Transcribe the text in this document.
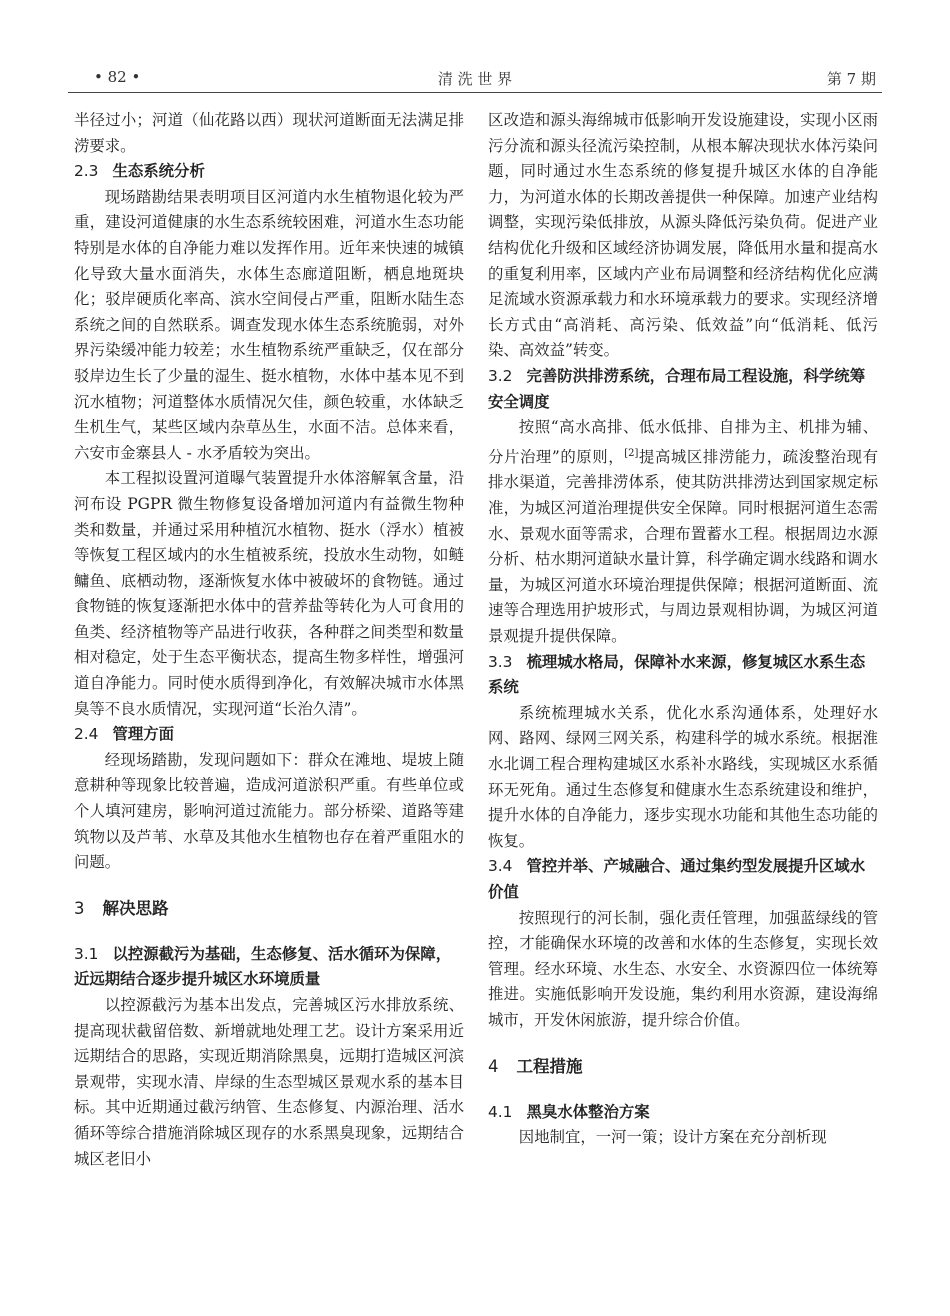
• 82 •	清 洗 世 界	第 7 期

半径过小；河道（仙花路以西）现状河道断面无法满足排涝要求。

2.3 生态系统分析

现场踏勘结果表明项目区河道内水生植物退化较为严重，建设河道健康的水生态系统较困难，河道水生态功能特别是水体的自净能力难以发挥作用。近年来快速的城镇化导致大量水面消失，水体生态廊道阻断，栖息地斑块化；驳岸硬质化率高、滨水空间侵占严重，阻断水陆生态系统之间的自然联系。调查发现水体生态系统脆弱，对外界污染缓冲能力较差；水生植物系统严重缺乏，仅在部分驳岸边生长了少量的湿生、挺水植物，水体中基本见不到沉水植物；河道整体水质情况欠佳，颜色较重，水体缺乏生机生气，某些区域内杂草丛生，水面不洁。总体来看，六安市金寨县人 - 水矛盾较为突出。

本工程拟设置河道曝气装置提升水体溶解氧含量，沿河布设 PGPR 微生物修复设备增加河道内有益微生物种类和数量，并通过采用种植沉水植物、挺水（浮水）植被等恢复工程区域内的水生植被系统，投放水生动物，如鲢鳙鱼、底栖动物，逐渐恢复水体中被破坏的食物链。通过食物链的恢复逐渐把水体中的营养盐等转化为人可食用的鱼类、经济植物等产品进行收获，各种群之间类型和数量相对稳定，处于生态平衡状态，提高生物多样性，增强河道自净能力。同时使水质得到净化，有效解决城市水体黑臭等不良水质情况，实现河道“长治久清”。

2.4 管理方面

经现场踏勘，发现问题如下：群众在滩地、堤坡上随意耕种等现象比较普遍，造成河道淤积严重。有些单位或个人填河建房，影响河道过流能力。部分桥梁、道路等建筑物以及芦苇、水草及其他水生植物也存在着严重阻水的问题。

3 解决思路

3.1 以控源截污为基础，生态修复、活水循环为保障，近远期结合逐步提升城区水环境质量

以控源截污为基本出发点，完善城区污水排放系统、提高现状截留倍数、新增就地处理工艺。设计方案采用近远期结合的思路，实现近期消除黑臭，远期打造城区河滨景观带，实现水清、岸绿的生态型城区景观水系的基本目标。其中近期通过截污纳管、生态修复、内源治理、活水循环等综合措施消除城区现存的水系黑臭现象，远期结合城区老旧小

区改造和源头海绵城市低影响开发设施建设，实现小区雨污分流和源头径流污染控制，从根本解决现状水体污染问题，同时通过水生态系统的修复提升城区水体的自净能力，为河道水体的长期改善提供一种保障。加速产业结构调整，实现污染低排放，从源头降低污染负荷。促进产业结构优化升级和区域经济协调发展，降低用水量和提高水的重复利用率，区域内产业布局调整和经济结构优化应满足流域水资源承载力和水环境承载力的要求。实现经济增长方式由“高消耗、高污染、低效益”向“低消耗、低污染、高效益”转变。

3.2 完善防洪排涝系统，合理布局工程设施，科学统筹安全调度

按照“高水高排、低水低排、自排为主、机排为辅、分片治理”的原则，[2]提高城区排涝能力，疏浚整治现有排水渠道，完善排涝体系，使其防洪排涝达到国家规定标准，为城区河道治理提供安全保障。同时根据河道生态需水、景观水面等需求，合理布置蓄水工程。根据周边水源分析、枯水期河道缺水量计算，科学确定调水线路和调水量，为城区河道水环境治理提供保障；根据河道断面、流速等合理选用护坡形式，与周边景观相协调，为城区河道景观提升提供保障。

3.3 梳理城水格局，保障补水来源，修复城区水系生态系统

系统梳理城水关系，优化水系沟通体系，处理好水网、路网、绿网三网关系，构建科学的城水系统。根据淮水北调工程合理构建城区水系补水路线，实现城区水系循环无死角。通过生态修复和健康水生态系统建设和维护，提升水体的自净能力，逐步实现水功能和其他生态功能的恢复。

3.4 管控并举、产城融合、通过集约型发展提升区域水价值

按照现行的河长制，强化责任管理，加强蓝绿线的管控，才能确保水环境的改善和水体的生态修复，实现长效管理。经水环境、水生态、水安全、水资源四位一体统筹推进。实施低影响开发设施，集约利用水资源，建设海绵城市，开发休闲旅游，提升综合价值。

4 工程措施

4.1 黑臭水体整治方案

因地制宜，一河一策；设计方案在充分剖析现
